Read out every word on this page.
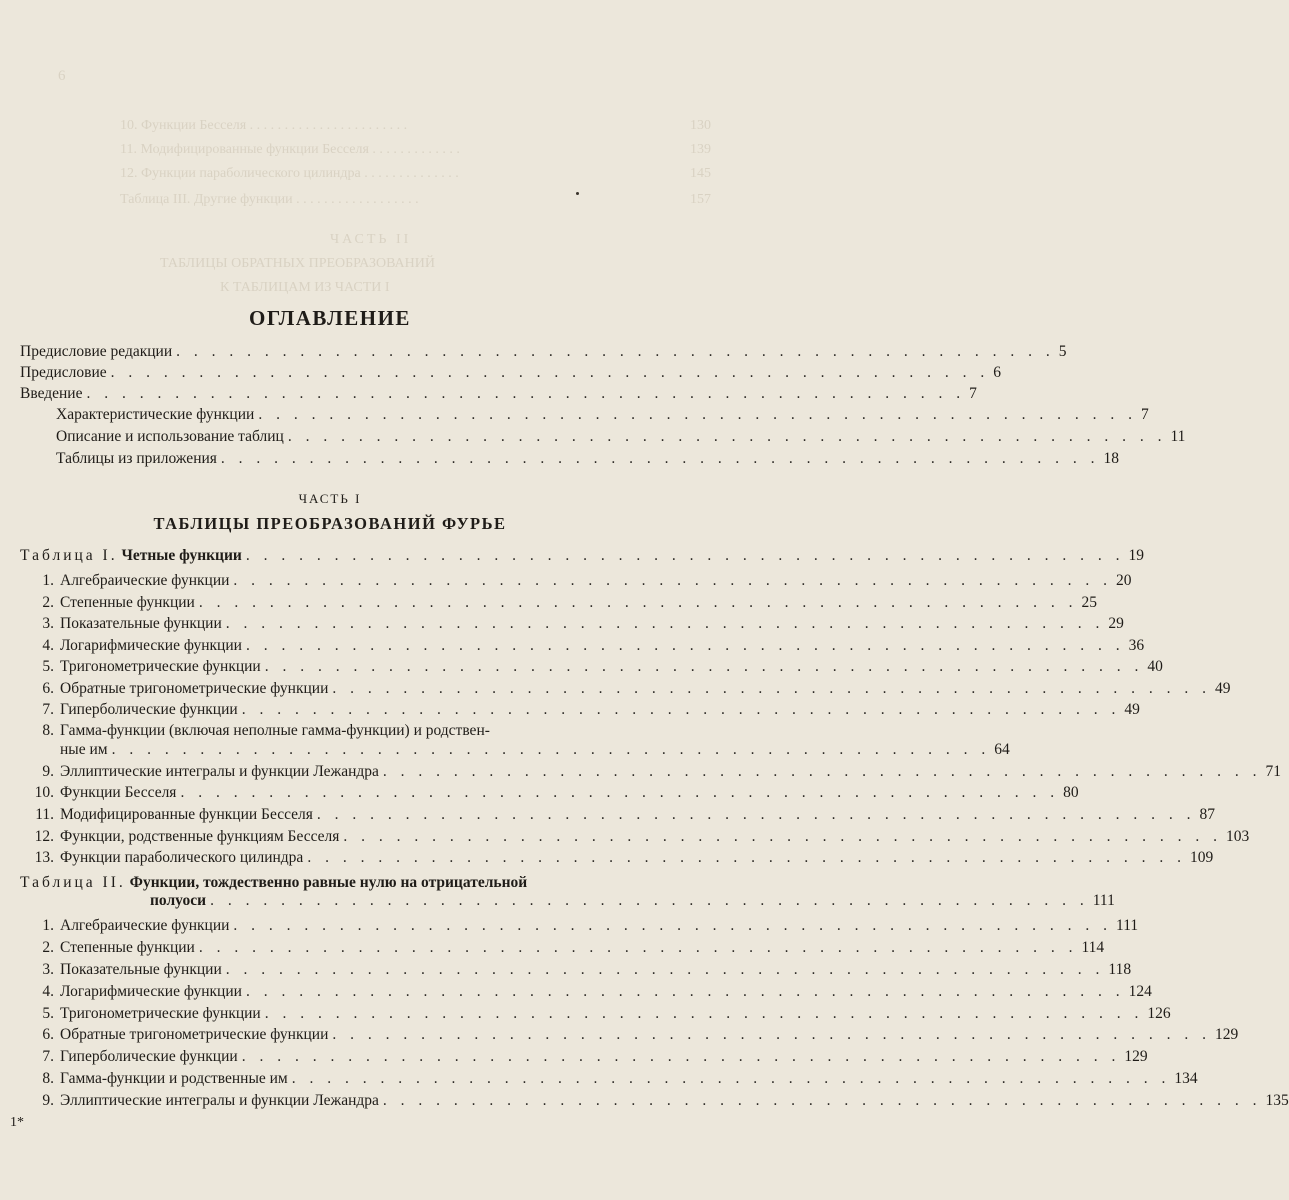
6
10. Функции Бесселя . . . . . . . . . . . . . . . . . . . . . . .
11. Модифицированные функции Бесселя . . . . . . . . . . . . .
12. Функции параболического цилиндра . . . . . . . . . . . . . .
Таблица III. Другие функции . . . . . . . . . . . . . . . . . .
ЧАСТЬ II
ТАБЛИЦЫ ОБРАТНЫХ ПРЕОБРАЗОВАНИЙ
К ТАБЛИЦАМ ИЗ ЧАСТИ I
130
139
145
157
ОГЛАВЛЕНИЕ
Предисловие редакции . . . . . . . . . . . . . . . . . . . . . . . . . . . . . . . . . . . . . . . . . . . . . . . . . . 5
Предисловие . . . . . . . . . . . . . . . . . . . . . . . . . . . . . . . . . . . . . . . . . . . . . . . . . . 6
Введение . . . . . . . . . . . . . . . . . . . . . . . . . . . . . . . . . . . . . . . . . . . . . . . . . . 7
Характеристические функции . . . . . . . . . . . . . . . . . . . . . . . . . . . . . . . . . . . . . . . . . . . . . . . . . . 7
Описание и использование таблиц . . . . . . . . . . . . . . . . . . . . . . . . . . . . . . . . . . . . . . . . . . . . . . . . . . 11
Таблицы из приложения . . . . . . . . . . . . . . . . . . . . . . . . . . . . . . . . . . . . . . . . . . . . . . . . . . 18
ЧАСТЬ I
ТАБЛИЦЫ ПРЕОБРАЗОВАНИЙ ФУРЬЕ
Таблица I. Четные функции . . . . . . . . . . . . . . . . . . . . . . . . . . . . . . . . . . . . . . . . . . . . . . . . . . 19
1. Алгебраические функции . . . . . . . . . . . . . . . . . . . . . . . . . . . . . . . . . . . . . . . . . . . . . . . . . . 20
2. Степенные функции . . . . . . . . . . . . . . . . . . . . . . . . . . . . . . . . . . . . . . . . . . . . . . . . . . 25
3. Показательные функции . . . . . . . . . . . . . . . . . . . . . . . . . . . . . . . . . . . . . . . . . . . . . . . . . . 29
4. Логарифмические функции . . . . . . . . . . . . . . . . . . . . . . . . . . . . . . . . . . . . . . . . . . . . . . . . . . 36
5. Тригонометрические функции . . . . . . . . . . . . . . . . . . . . . . . . . . . . . . . . . . . . . . . . . . . . . . . . . . 40
6. Обратные тригонометрические функции . . . . . . . . . . . . . . . . . . . . . . . . . . . . . . . . . . . . . . . . . . . . . . . . . . 49
7. Гиперболические функции . . . . . . . . . . . . . . . . . . . . . . . . . . . . . . . . . . . . . . . . . . . . . . . . . . 49
8. Гамма-функции (включая неполные гамма-функции) и родствен-
ные им . . . . . . . . . . . . . . . . . . . . . . . . . . . . . . . . . . . . . . . . . . . . . . . . . . 64
9. Эллиптические интегралы и функции Лежандра . . . . . . . . . . . . . . . . . . . . . . . . . . . . . . . . . . . . . . . . . . . . . . . . . . 71
10. Функции Бесселя . . . . . . . . . . . . . . . . . . . . . . . . . . . . . . . . . . . . . . . . . . . . . . . . . . 80
11. Модифицированные функции Бесселя . . . . . . . . . . . . . . . . . . . . . . . . . . . . . . . . . . . . . . . . . . . . . . . . . . 87
12. Функции, родственные функциям Бесселя . . . . . . . . . . . . . . . . . . . . . . . . . . . . . . . . . . . . . . . . . . . . . . . . . . 103
13. Функции параболического цилиндра . . . . . . . . . . . . . . . . . . . . . . . . . . . . . . . . . . . . . . . . . . . . . . . . . . 109
Таблица II. Функции, тождественно равные нулю на отрицательной
полуоси . . . . . . . . . . . . . . . . . . . . . . . . . . . . . . . . . . . . . . . . . . . . . . . . . . 111
1. Алгебраические функции . . . . . . . . . . . . . . . . . . . . . . . . . . . . . . . . . . . . . . . . . . . . . . . . . . 111
2. Степенные функции . . . . . . . . . . . . . . . . . . . . . . . . . . . . . . . . . . . . . . . . . . . . . . . . . . 114
3. Показательные функции . . . . . . . . . . . . . . . . . . . . . . . . . . . . . . . . . . . . . . . . . . . . . . . . . . 118
4. Логарифмические функции . . . . . . . . . . . . . . . . . . . . . . . . . . . . . . . . . . . . . . . . . . . . . . . . . . 124
5. Тригонометрические функции . . . . . . . . . . . . . . . . . . . . . . . . . . . . . . . . . . . . . . . . . . . . . . . . . . 126
6. Обратные тригонометрические функции . . . . . . . . . . . . . . . . . . . . . . . . . . . . . . . . . . . . . . . . . . . . . . . . . . 129
7. Гиперболические функции . . . . . . . . . . . . . . . . . . . . . . . . . . . . . . . . . . . . . . . . . . . . . . . . . . 129
8. Гамма-функции и родственные им . . . . . . . . . . . . . . . . . . . . . . . . . . . . . . . . . . . . . . . . . . . . . . . . . . 134
9. Эллиптические интегралы и функции Лежандра . . . . . . . . . . . . . . . . . . . . . . . . . . . . . . . . . . . . . . . . . . . . . . . . . . 135
1*
